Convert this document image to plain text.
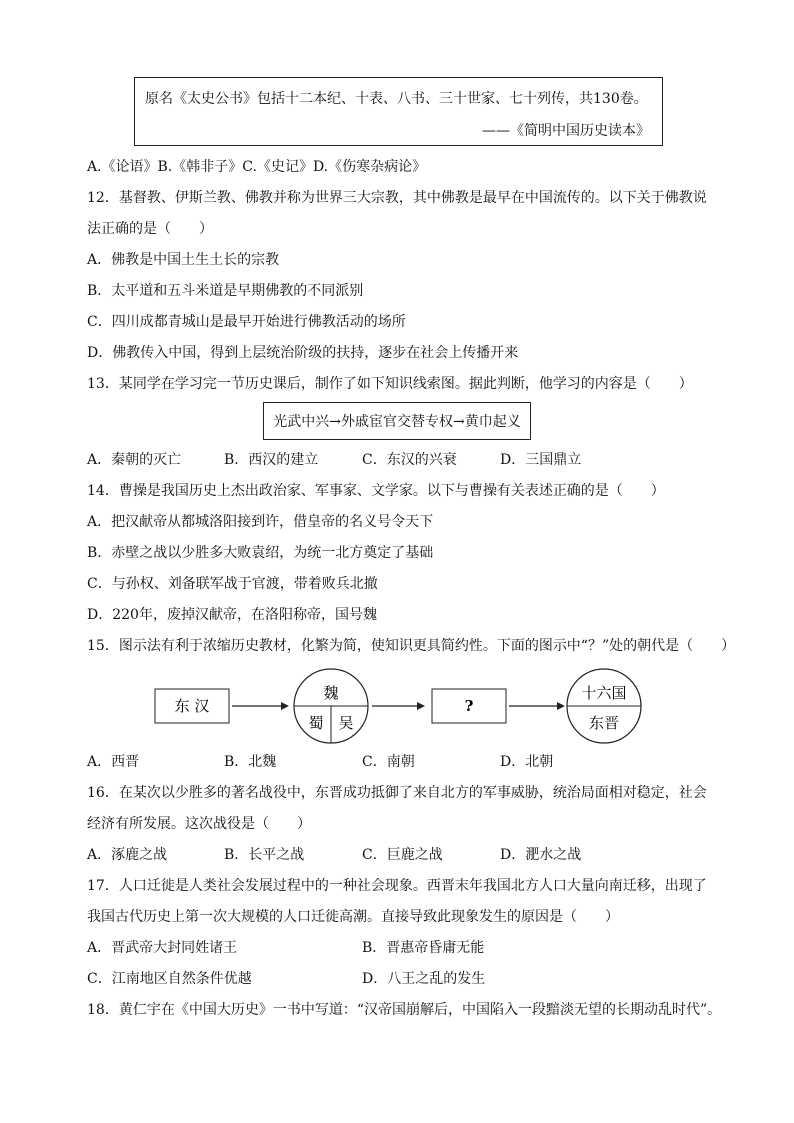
原名《太史公书》包括十二本纪、十表、八书、三十世家、七十列传，共130卷。
——《简明中国历史读本》
A.《论语》B.《韩非子》C.《史记》D.《伤寒杂病论》
12．基督教、伊斯兰教、佛教并称为世界三大宗教，其中佛教是最早在中国流传的。以下关于佛教说
法正确的是（　　）
A．佛教是中国土生土长的宗教
B．太平道和五斗米道是早期佛教的不同派别
C．四川成都青城山是最早开始进行佛教活动的场所
D．佛教传入中国，得到上层统治阶级的扶持，逐步在社会上传播开来
13．某同学在学习完一节历史课后，制作了如下知识线索图。据此判断，他学习的内容是（　　）
光武中兴→外戚宦官交替专权→黄巾起义
A．秦朝的灭亡	B．西汉的建立	C．东汉的兴衰	D．三国鼎立
14．曹操是我国历史上杰出政治家、军事家、文学家。以下与曹操有关表述正确的是（　　）
A．把汉献帝从都城洛阳接到许，借皇帝的名义号令天下
B．赤壁之战以少胜多大败袁绍，为统一北方奠定了基础
C．与孙权、刘备联军战于官渡，带着败兵北撤
D．220年，废掉汉献帝，在洛阳称帝，国号魏
15．图示法有利于浓缩历史教材，化繁为简，使知识更具简约性。下面的图示中“？”处的朝代是（　　）
东 汉
魏
蜀 吴
?
十六国
东晋
A．西晋	B．北魏	C．南朝	D．北朝
16．在某次以少胜多的著名战役中，东晋成功抵御了来自北方的军事威胁，统治局面相对稳定，社会
经济有所发展。这次战役是（　　）
A．涿鹿之战	B．长平之战	C．巨鹿之战	D．淝水之战
17．人口迁徙是人类社会发展过程中的一种社会现象。西晋末年我国北方人口大量向南迁移，出现了
我国古代历史上第一次大规模的人口迁徙高潮。直接导致此现象发生的原因是（　　）
A．晋武帝大封同姓诸王	B．晋惠帝昏庸无能
C．江南地区自然条件优越	D．八王之乱的发生
18．黄仁宇在《中国大历史》一书中写道：“汉帝国崩解后，中国陷入一段黯淡无望的长期动乱时代”。
